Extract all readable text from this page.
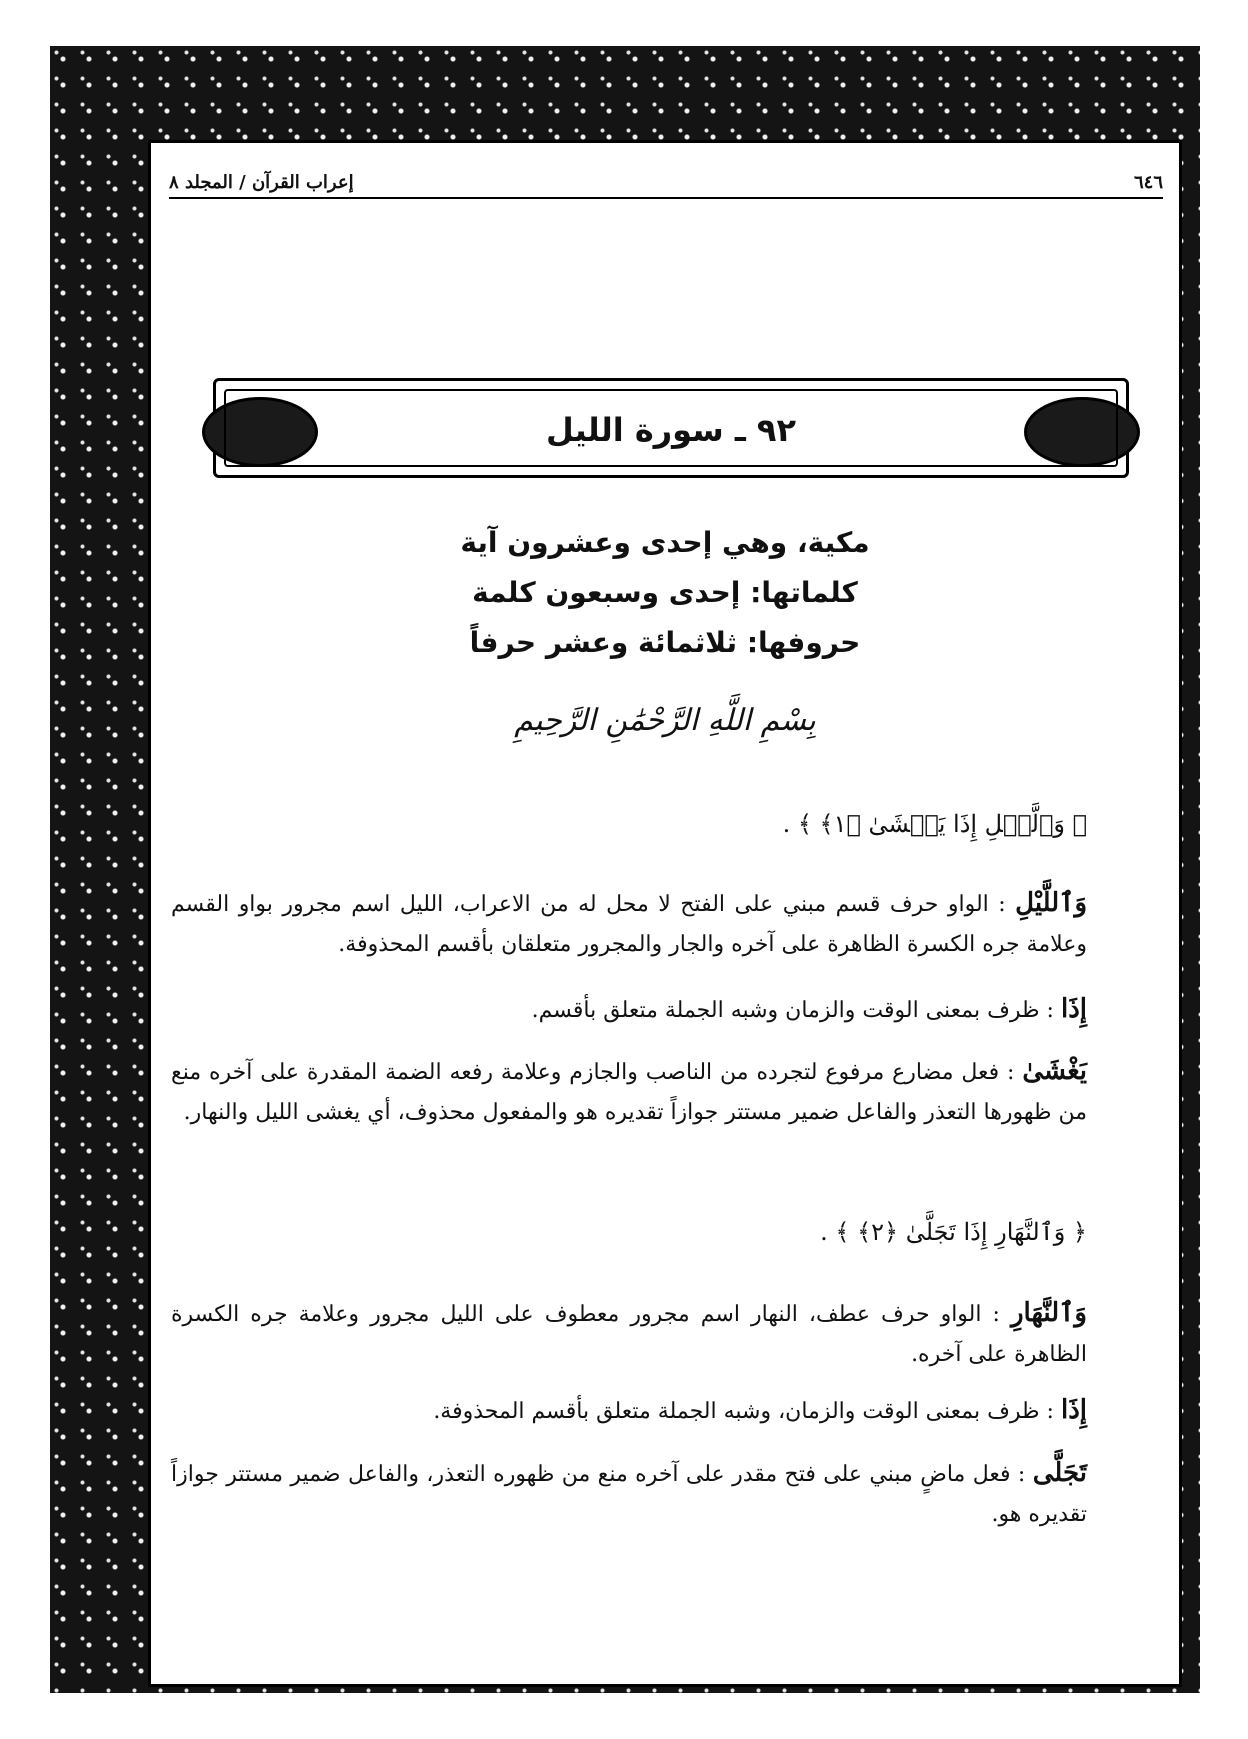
٦٤٦
إعراب القرآن / المجلد ٨
٩٢ ـ سورة الليل
مكية، وهي إحدى وعشرون آية
كلماتها: إحدى وسبعون كلمة
حروفها: ثلاثمائة وعشر حرفاً
بِسْمِ اللَّهِ الرَّحْمَٰنِ الرَّحِيمِ
﴿ وَٱلَّيۡلِ إِذَا يَغۡشَىٰ ﴿١﴾ ﴾ .
وَٱللَّيْلِ : الواو حرف قسم مبني على الفتح لا محل له من الاعراب، الليل اسم مجرور بواو القسم وعلامة جره الكسرة الظاهرة على آخره والجار والمجرور متعلقان بأقسم المحذوفة.
إِذَا : ظرف بمعنى الوقت والزمان وشبه الجملة متعلق بأقسم.
يَغْشَىٰ : فعل مضارع مرفوع لتجرده من الناصب والجازم وعلامة رفعه الضمة المقدرة على آخره منع من ظهورها التعذر والفاعل ضمير مستتر جوازاً تقديره هو والمفعول محذوف، أي يغشى الليل والنهار.
﴿ وَٱلنَّهَارِ إِذَا تَجَلَّىٰ ﴿٢﴾ ﴾ .
وَٱلنَّهَارِ : الواو حرف عطف، النهار اسم مجرور معطوف على الليل مجرور وعلامة جره الكسرة الظاهرة على آخره.
إِذَا : ظرف بمعنى الوقت والزمان، وشبه الجملة متعلق بأقسم المحذوفة.
تَجَلَّى : فعل ماضٍ مبني على فتح مقدر على آخره منع من ظهوره التعذر، والفاعل ضمير مستتر جوازاً تقديره هو.
